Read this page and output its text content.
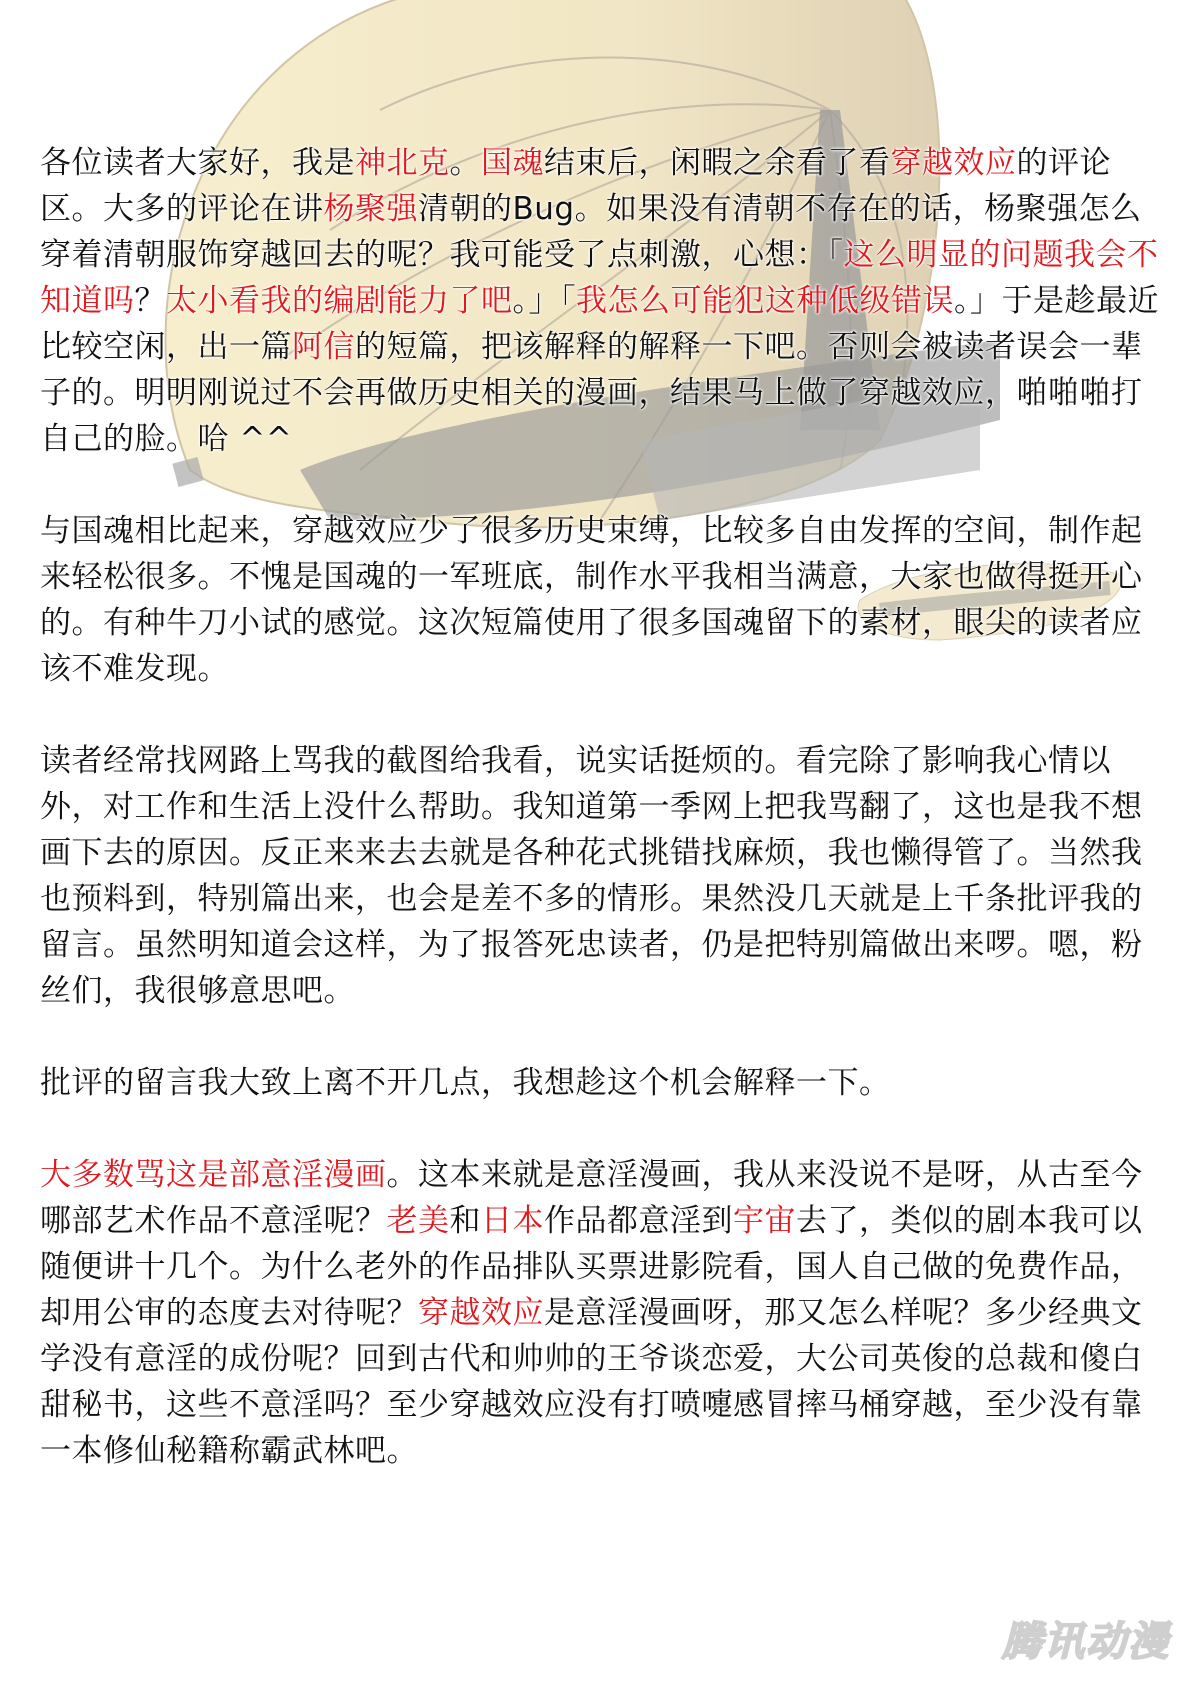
各位读者大家好，我是神北克。国魂结束后，闲暇之余看了看穿越效应的评论区。大多的评论在讲杨聚强清朝的Bug。如果没有清朝不存在的话，杨聚强怎么穿着清朝服饰穿越回去的呢？我可能受了点刺激，心想：「这么明显的问题我会不知道吗？太小看我的编剧能力了吧。」「我怎么可能犯这种低级错误。」于是趁最近比较空闲，出一篇阿信的短篇，把该解释的解释一下吧。否则会被读者误会一辈子的。明明刚说过不会再做历史相关的漫画，结果马上做了穿越效应，啪啪啪打自己的脸。哈 ^^

与国魂相比起来，穿越效应少了很多历史束缚，比较多自由发挥的空间，制作起来轻松很多。不愧是国魂的一军班底，制作水平我相当满意，大家也做得挺开心的。有种牛刀小试的感觉。这次短篇使用了很多国魂留下的素材，眼尖的读者应该不难发现。

读者经常找网路上骂我的截图给我看，说实话挺烦的。看完除了影响我心情以外，对工作和生活上没什么帮助。我知道第一季网上把我骂翻了，这也是我不想画下去的原因。反正来来去去就是各种花式挑错找麻烦，我也懒得管了。当然我也预料到，特别篇出来，也会是差不多的情形。果然没几天就是上千条批评我的留言。虽然明知道会这样，为了报答死忠读者，仍是把特别篇做出来啰。嗯，粉丝们，我很够意思吧。

批评的留言我大致上离不开几点，我想趁这个机会解释一下。

大多数骂这是部意淫漫画。这本来就是意淫漫画，我从来没说不是呀，从古至今哪部艺术作品不意淫呢？老美和日本作品都意淫到宇宙去了，类似的剧本我可以随便讲十几个。为什么老外的作品排队买票进影院看，国人自己做的免费作品，却用公审的态度去对待呢？穿越效应是意淫漫画呀，那又怎么样呢？多少经典文学没有意淫的成份呢？回到古代和帅帅的王爷谈恋爱，大公司英俊的总裁和傻白甜秘书，这些不意淫吗？至少穿越效应没有打喷嚏感冒摔马桶穿越，至少没有靠一本修仙秘籍称霸武林吧。

腾讯动漫
